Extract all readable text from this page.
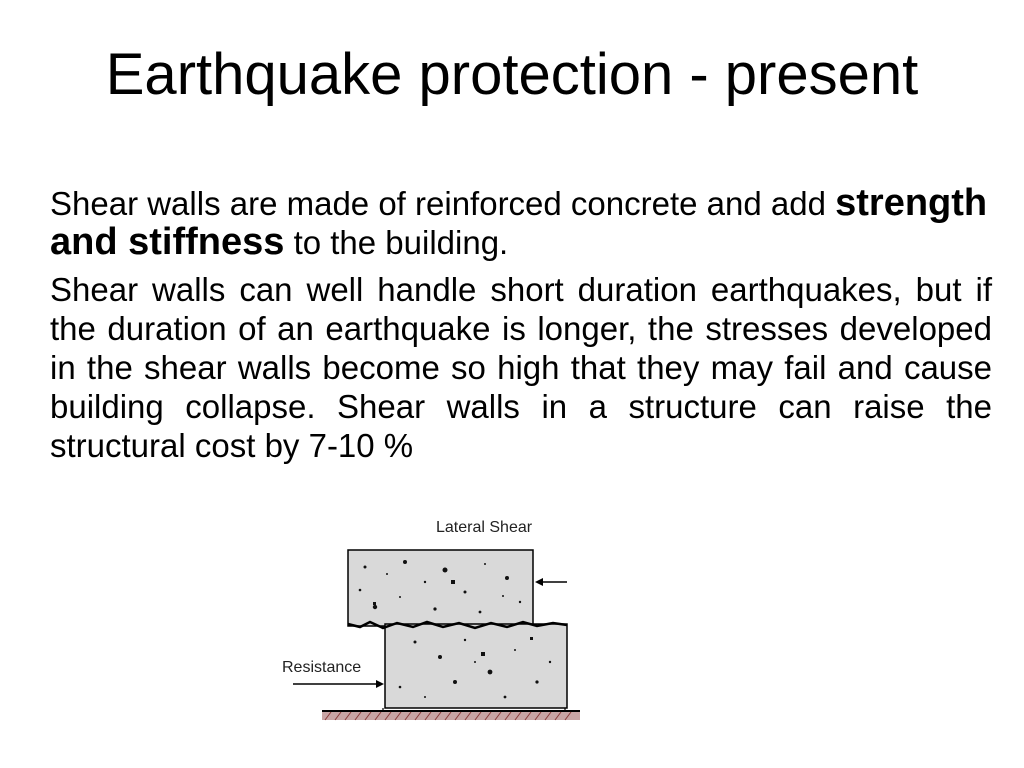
Earthquake protection - present

Shear walls are made of reinforced concrete and add strength and stiffness to the building.

Shear walls can well handle short duration earthquakes, but if the duration of an earthquake is longer, the stresses developed in the shear walls become so high that they may fail and cause building collapse. Shear walls in a structure can raise the structural cost by 7-10 %

Lateral Shear
Resistance
